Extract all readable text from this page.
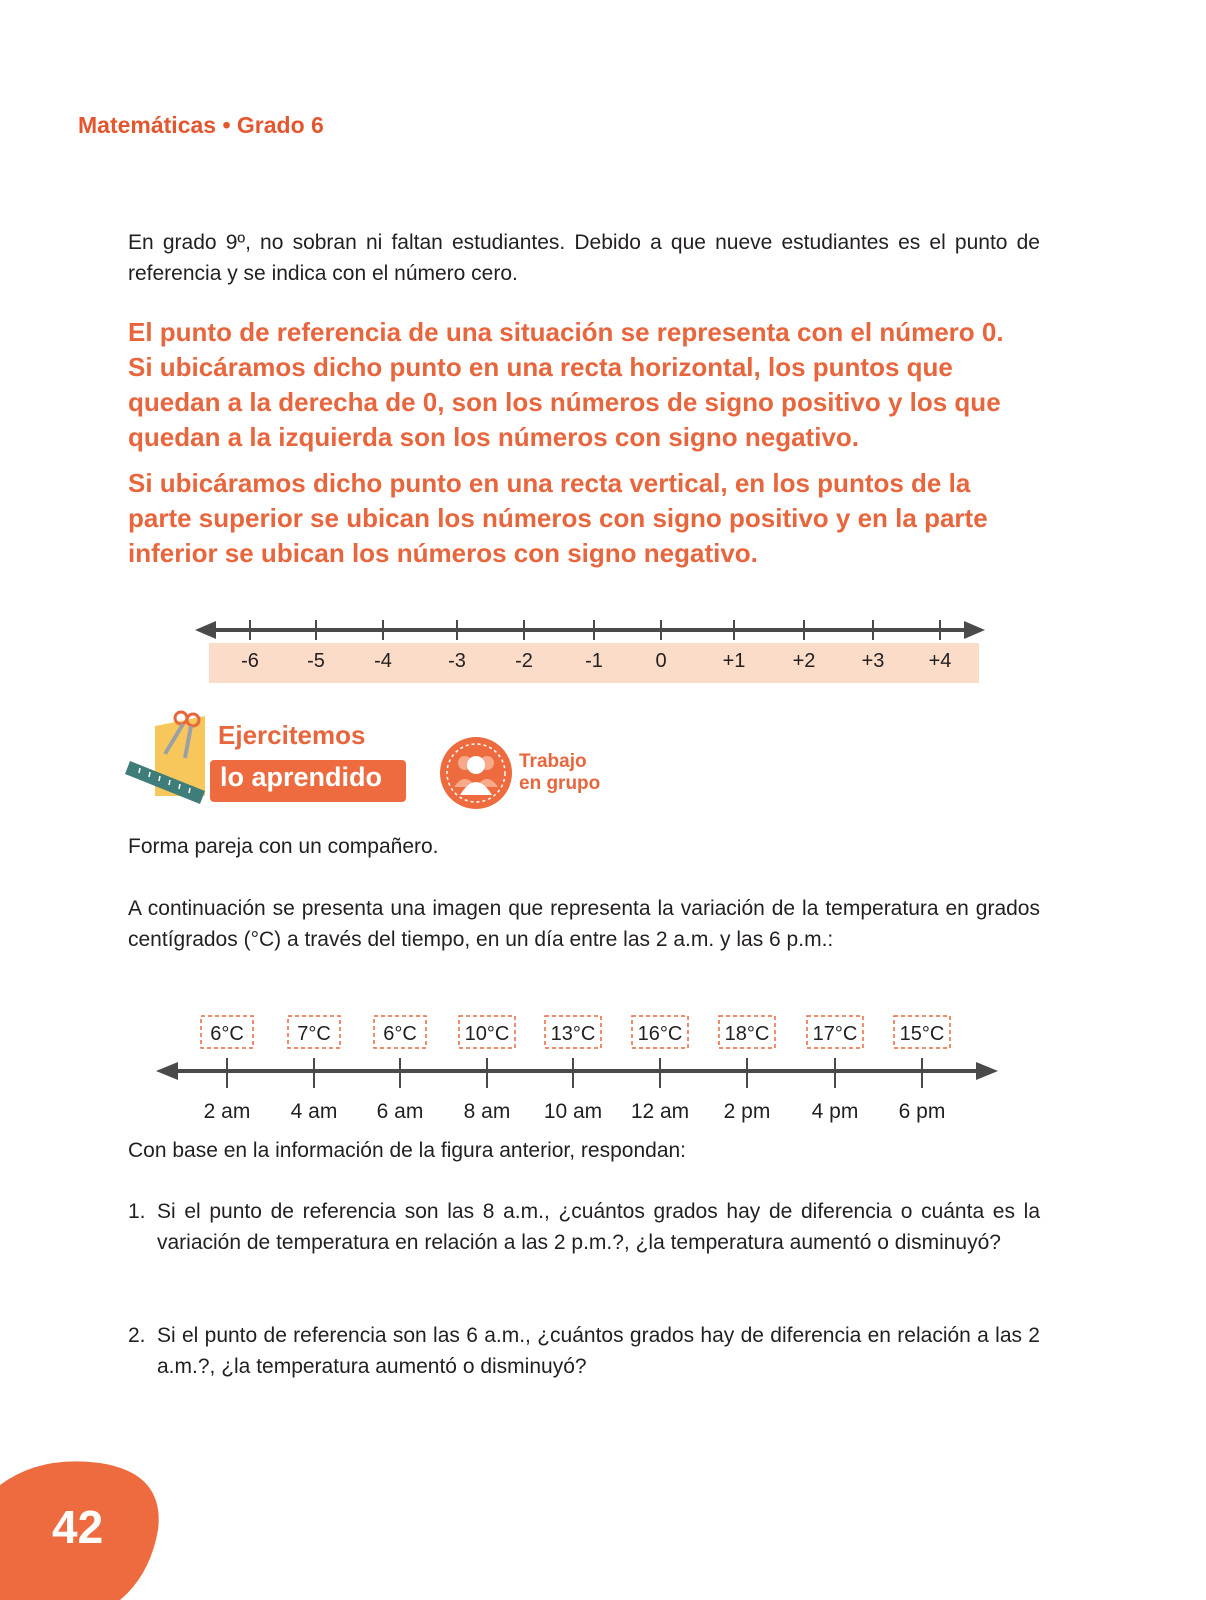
Matemáticas • Grado 6
En grado 9º, no sobran ni faltan estudiantes. Debido a que nueve estudiantes es el punto de referencia y se indica con el número cero.
El punto de referencia de una situación se representa con el número 0. Si ubicáramos dicho punto en una recta horizontal, los puntos que quedan a la derecha de 0, son los números de signo positivo y los que quedan a la izquierda son los números con signo negativo.
Si ubicáramos dicho punto en una recta vertical, en los puntos de la parte superior se ubican los números con signo positivo y en la parte inferior se ubican los números con signo negativo.
-6 -5 -4	-3 -2	-1	0	+1 +2 +3 +4
Ejercitemos
lo aprendido
Trabajo
en grupo
Forma pareja con un compañero.
A continuación se presenta una imagen que representa la variación de la temperatura en grados centígrados (°C) a través del tiempo, en un día entre las 2 a.m. y las 6 p.m.:
6°C
2 am
7°C
4 am
6°C
6 am
10°C
8 am
13°C
10 am
16°C
12 am
18°C
2 pm
17°C
4 pm
15°C
6 pm
Con base en la información de la figura anterior, respondan:
1. Si el punto de referencia son las 8 a.m., ¿cuántos grados hay de diferencia o cuánta es la variación de temperatura en relación a las 2 p.m.?, ¿la temperatura aumentó o disminuyó?
2. Si el punto de referencia son las 6 a.m., ¿cuántos grados hay de diferencia en relación a las 2 a.m.?, ¿la temperatura aumentó o disminuyó?
42
